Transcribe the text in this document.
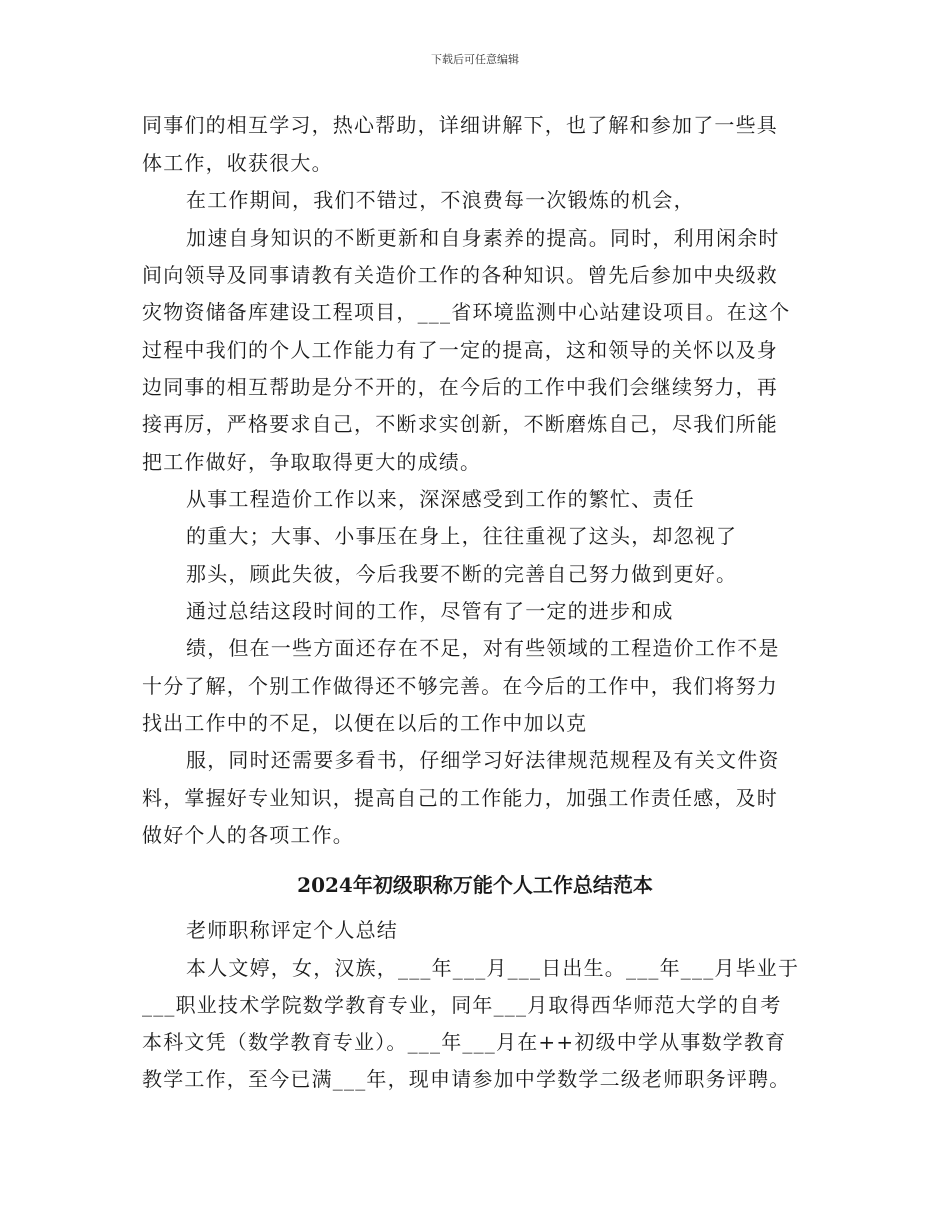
下载后可任意编辑
同事们的相互学习，热心帮助，详细讲解下，也了解和参加了一些具
体工作，收获很大。
在工作期间，我们不错过，不浪费每一次锻炼的机会，
加速自身知识的不断更新和自身素养的提高。同时，利用闲余时
间向领导及同事请教有关造价工作的各种知识。曾先后参加中央级救
灾物资储备库建设工程项目，___省环境监测中心站建设项目。在这个
过程中我们的个人工作能力有了一定的提高，这和领导的关怀以及身
边同事的相互帮助是分不开的，在今后的工作中我们会继续努力，再
接再厉，严格要求自己，不断求实创新，不断磨炼自己，尽我们所能
把工作做好，争取取得更大的成绩。
从事工程造价工作以来，深深感受到工作的繁忙、责任
的重大；大事、小事压在身上，往往重视了这头，却忽视了
那头，顾此失彼，今后我要不断的完善自己努力做到更好。
通过总结这段时间的工作，尽管有了一定的进步和成
绩，但在一些方面还存在不足，对有些领域的工程造价工作不是
十分了解，个别工作做得还不够完善。在今后的工作中，我们将努力
找出工作中的不足，以便在以后的工作中加以克
服，同时还需要多看书，仔细学习好法律规范规程及有关文件资
料，掌握好专业知识，提高自己的工作能力，加强工作责任感，及时
做好个人的各项工作。
2024年初级职称万能个人工作总结范本
老师职称评定个人总结
本人文婷，女，汉族，___年___月___日出生。___年___月毕业于
___职业技术学院数学教育专业，同年___月取得西华师范大学的自考
本科文凭（数学教育专业）。___年___月在++初级中学从事数学教育
教学工作，至今已满___年，现申请参加中学数学二级老师职务评聘。
